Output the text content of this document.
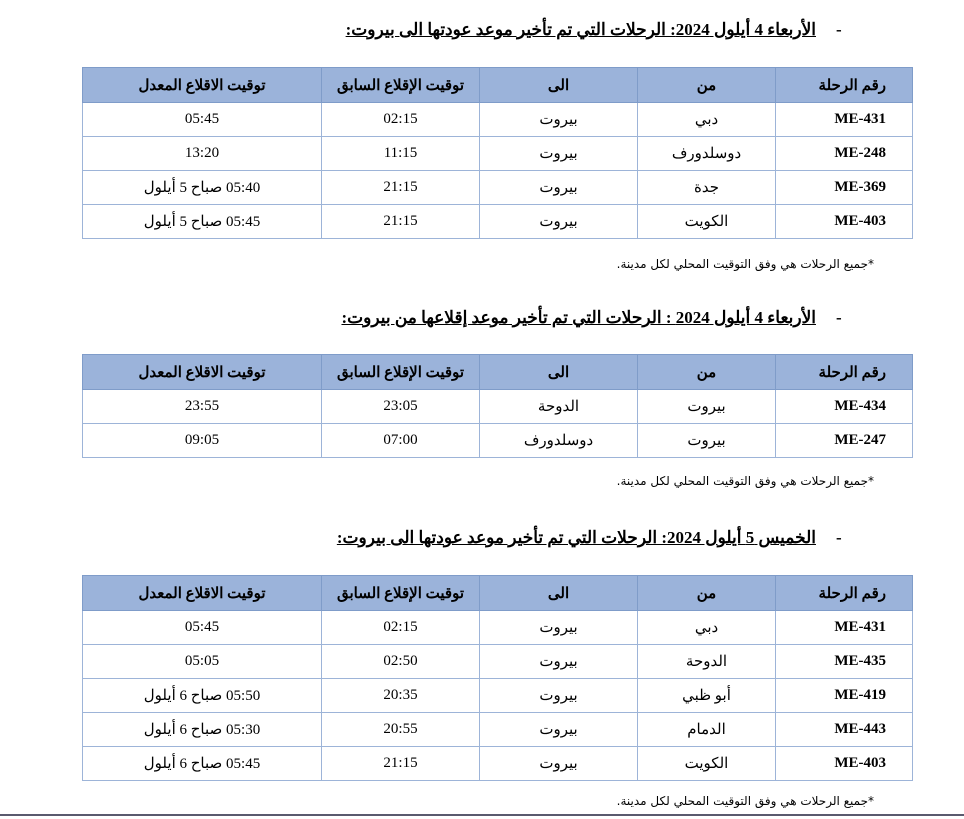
-
الأربعاء 4 أيلول 2024: الرحلات التي تم تأخير موعد عودتها الى بيروت:
رقم الرحلة	من	الى	توقيت الإقلاع السابق	توقيت الاقلاع المعدل
ME-431	دبي	بيروت	02:15	05:45
ME-248	دوسلدورف	بيروت	11:15	13:20
ME-369	جدة	بيروت	21:15	05:40 صباح 5 أيلول
ME-403	الكويت	بيروت	21:15	05:45 صباح 5 أيلول
*جميع الرحلات هي وفق التوقيت المحلي لكل مدينة.
-
الأربعاء 4 أيلول 2024 : الرحلات التي تم تأخير موعد إقلاعها من بيروت:
رقم الرحلة	من	الى	توقيت الإقلاع السابق	توقيت الاقلاع المعدل
ME-434	بيروت	الدوحة	23:05	23:55
ME-247	بيروت	دوسلدورف	07:00	09:05
*جميع الرحلات هي وفق التوقيت المحلي لكل مدينة.
-
الخميس 5 أيلول 2024: الرحلات التي تم تأخير موعد عودتها الى بيروت:
رقم الرحلة	من	الى	توقيت الإقلاع السابق	توقيت الاقلاع المعدل
ME-431	دبي	بيروت	02:15	05:45
ME-435	الدوحة	بيروت	02:50	05:05
ME-419	أبو ظبي	بيروت	20:35	05:50 صباح 6 أيلول
ME-443	الدمام	بيروت	20:55	05:30 صباح 6 أيلول
ME-403	الكويت	بيروت	21:15	05:45 صباح 6 أيلول
*جميع الرحلات هي وفق التوقيت المحلي لكل مدينة.
